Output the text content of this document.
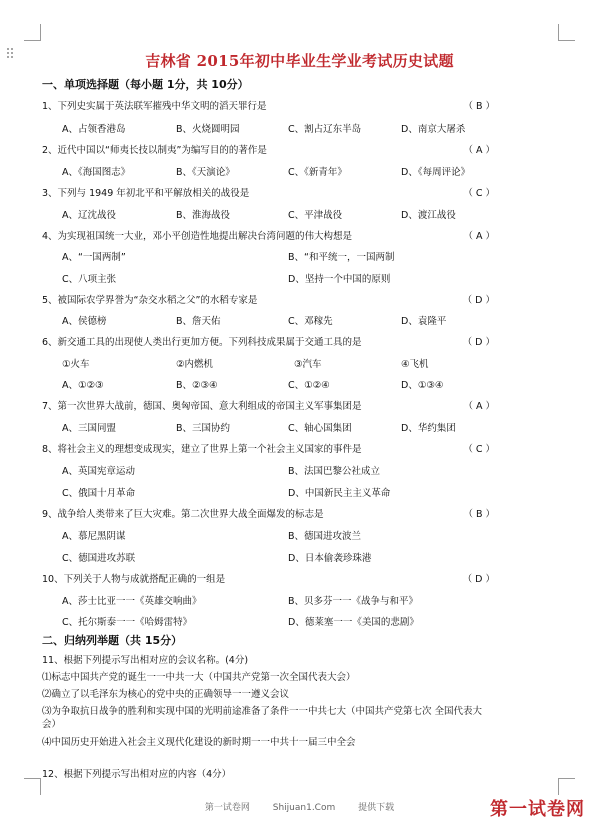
吉林省 2015年初中毕业生学业考试历史试题
一、单项选择题（每小题 1分，共 10分）
1、下列史实属于英法联军摧残中华文明的滔天罪行是	（ B ）
A、占领香港岛	B、火烧圆明园	C、割占辽东半岛	D、南京大屠杀
2、近代中国以“师夷长技以制夷”为编写目的的著作是	（ A ）
A、《海国图志》	B、《天演论》	C、《新青年》	D、《每周评论》
3、下列与 1949 年初北平和平解放相关的战役是	（ C ）
A、辽沈战役	B、淮海战役	C、平津战役	D、渡江战役
4、为实现祖国统一大业，邓小平创造性地提出解决台湾问题的伟大构想是	（ A ）
A、“一国两制”	B、“和平统一，一国两制
C、八项主张	D、坚持一个中国的原则
5、被国际农学界誉为“杂交水稻之父”的水稻专家是	（ D ）
A、侯德榜	B、詹天佑	C、邓稼先	D、袁隆平
6、新交通工具的出现使人类出行更加方便。下列科技成果属于交通工具的是	（ D ）
①火车	②内燃机	③汽车	④飞机
A、①②③	B、②③④	C、①②④	D、①③④
7、第一次世界大战前，德国、奥匈帝国、意大利组成的帝国主义军事集团是	（ A ）
A、三国同盟	B、三国协约	C、轴心国集团	D、华约集团
8、将社会主义的理想变成现实，建立了世界上第一个社会主义国家的事件是	（ C ）
A、英国宪章运动	B、法国巴黎公社成立
C、俄国十月革命	D、中国新民主主义革命
9、战争给人类带来了巨大灾难。第二次世界大战全面爆发的标志是	（ B ）
A、慕尼黑阴谋	B、德国进攻波兰
C、德国进攻苏联	D、日本偷袭珍珠港
10、下列关于人物与成就搭配正确的一组是	（ D ）
A、莎士比亚一一《英雄交响曲》	B、贝多芬一一《战争与和平》
C、托尔斯泰一一《哈姆雷特》	D、德莱塞一一《美国的悲剧》
二、归纳列举题（共 15分）
11、根据下列提示写出相对应的会议名称。(4分)
⑴标志中国共产党的诞生一一中共一大（中国共产党第一次全国代表大会）
⑵确立了以毛泽东为核心的党中央的正确领导一一遵义会议
⑶为争取抗日战争的胜利和实现中国的光明前途准备了条件一一中共七大（中国共产党第七次 全国代表大
会）
⑷中国历史开始进入社会主义现代化建设的新时期一一中共十一届三中全会
12、根据下列提示写出相对应的内容（4分）
第一试卷网	Shijuan1.Com	提供下载	第一试卷网
